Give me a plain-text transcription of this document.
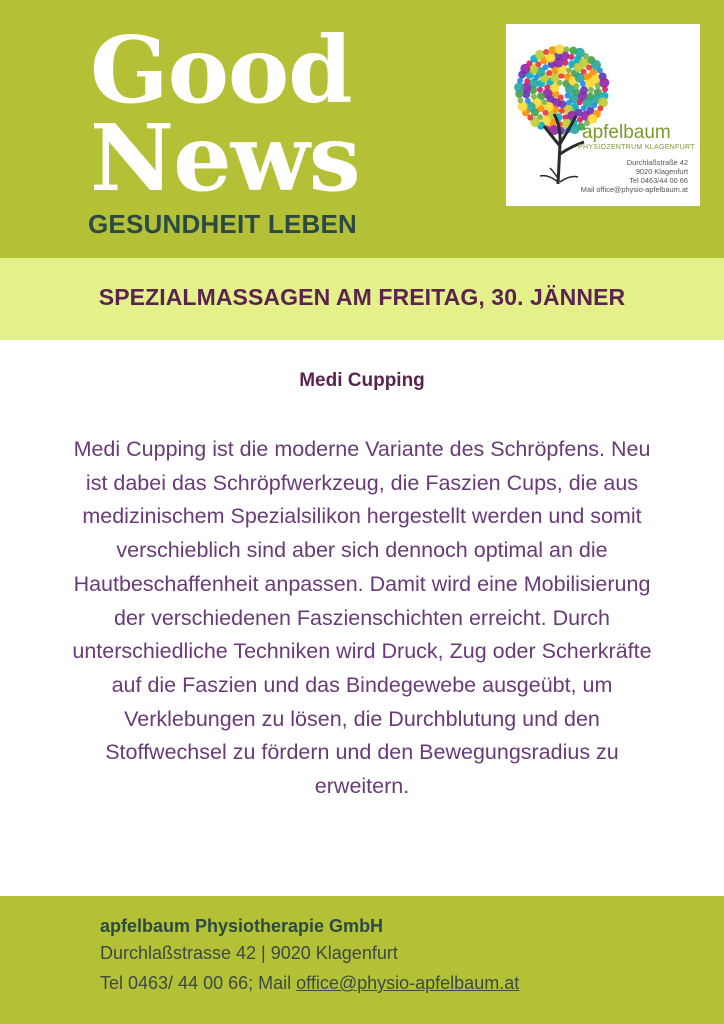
Good
News
GESUNDHEIT LEBEN
apfelbaum
PHYSIOZENTRUM KLAGENFURT
Durchlaßstraße 42
9020 Klagenfurt
Tel 0463/44 00 66
Mail office@physio-apfelbaum.at
SPEZIALMASSAGEN AM FREITAG, 30. JÄNNER
Medi Cupping
Medi Cupping ist die moderne Variante des Schröpfens. Neu ist dabei das Schröpfwerkzeug, die Faszien Cups, die aus medizinischem Spezialsilikon hergestellt werden und somit verschieblich sind aber sich dennoch optimal an die Hautbeschaffenheit anpassen. Damit wird eine Mobilisierung der verschiedenen Faszienschichten erreicht. Durch unterschiedliche Techniken wird Druck, Zug oder Scherkräfte auf die Faszien und das Bindegewebe ausgeübt, um Verklebungen zu lösen, die Durchblutung und den Stoffwechsel zu fördern und den Bewegungsradius zu erweitern.
apfelbaum Physiotherapie GmbH
Durchlaßstrasse 42 | 9020 Klagenfurt
Tel 0463/ 44 00 66; Mail office@physio-apfelbaum.at
